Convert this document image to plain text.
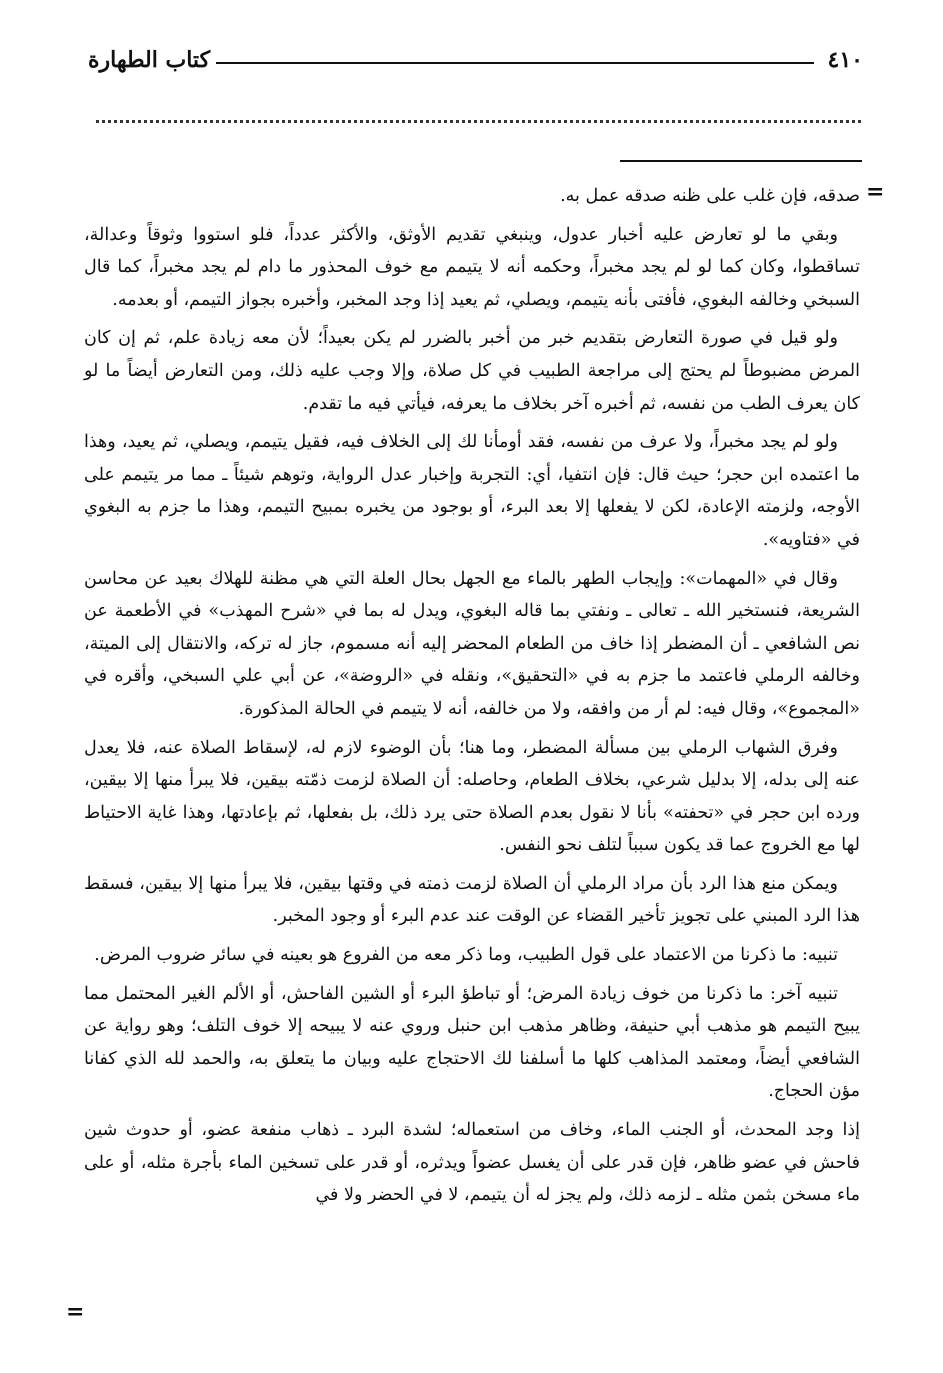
٤١٠
كتاب الطهارة
=

صدقه، فإن غلب على ظنه صدقه عمل به.

وبقي ما لو تعارض عليه أخبار عدول، وينبغي تقديم الأوثق، والأكثر عدداً، فلو استووا وثوقاً وعدالة، تساقطوا، وكان كما لو لم يجد مخبراً، وحكمه أنه لا يتيمم مع خوف المحذور ما دام لم يجد مخبراً، كما قال السبخي وخالفه البغوي، فأفتى بأنه يتيمم، ويصلي، ثم يعيد إذا وجد المخبر، وأخبره بجواز التيمم، أو بعدمه.

ولو قيل في صورة التعارض بتقديم خبر من أخبر بالضرر لم يكن بعيداً؛ لأن معه زيادة علم، ثم إن كان المرض مضبوطاً لم يحتج إلى مراجعة الطبيب في كل صلاة، وإلا وجب عليه ذلك، ومن التعارض أيضاً ما لو كان يعرف الطب من نفسه، ثم أخبره آخر بخلاف ما يعرفه، فيأتي فيه ما تقدم.

ولو لم يجد مخبراً، ولا عرف من نفسه، فقد أومأنا لك إلى الخلاف فيه، فقيل يتيمم، ويصلي، ثم يعيد، وهذا ما اعتمده ابن حجر؛ حيث قال: فإن انتفيا، أي: التجربة وإخبار عدل الرواية، وتوهم شيئاً ـ مما مر يتيمم على الأوجه، ولزمته الإعادة، لكن لا يفعلها إلا بعد البرء، أو بوجود من يخبره بمبيح التيمم، وهذا ما جزم به البغوي في «فتاويه».

وقال في «المهمات»: وإيجاب الطهر بالماء مع الجهل بحال العلة التي هي مظنة للهلاك بعيد عن محاسن الشريعة، فنستخير الله ـ تعالى ـ ونفتي بما قاله البغوي، ويدل له بما في «شرح المهذب» في الأطعمة عن نص الشافعي ـ أن المضطر إذا خاف من الطعام المحضر إليه أنه مسموم، جاز له تركه، والانتقال إلى الميتة، وخالفه الرملي فاعتمد ما جزم به في «التحقيق»، ونقله في «الروضة»، عن أبي علي السبخي، وأقره في «المجموع»، وقال فيه: لم أر من وافقه، ولا من خالفه، أنه لا يتيمم في الحالة المذكورة.

وفرق الشهاب الرملي بين مسألة المضطر، وما هنا؛ بأن الوضوء لازم له، لإسقاط الصلاة عنه، فلا يعدل عنه إلى بدله، إلا بدليل شرعي، بخلاف الطعام، وحاصله: أن الصلاة لزمت ذمّته بيقين، فلا يبرأ منها إلا بيقين، ورده ابن حجر في «تحفته» بأنا لا نقول بعدم الصلاة حتى يرد ذلك، بل بفعلها، ثم بإعادتها، وهذا غاية الاحتياط لها مع الخروج عما قد يكون سبباً لتلف نحو النفس.

ويمكن منع هذا الرد بأن مراد الرملي أن الصلاة لزمت ذمته في وقتها بيقين، فلا يبرأ منها إلا بيقين، فسقط هذا الرد المبني على تجويز تأخير القضاء عن الوقت عند عدم البرء أو وجود المخبر.

تنبيه: ما ذكرنا من الاعتماد على قول الطبيب، وما ذكر معه من الفروع هو بعينه في سائر ضروب المرض.

تنبيه آخر: ما ذكرنا من خوف زيادة المرض؛ أو تباطؤ البرء أو الشين الفاحش، أو الألم الغير المحتمل مما يبيح التيمم هو مذهب أبي حنيفة، وظاهر مذهب ابن حنبل وروي عنه لا يبيحه إلا خوف التلف؛ وهو رواية عن الشافعي أيضاً، ومعتمد المذاهب كلها ما أسلفنا لك الاحتجاج عليه وبيان ما يتعلق به، والحمد لله الذي كفانا مؤن الحجاج.

إذا وجد المحدث، أو الجنب الماء، وخاف من استعماله؛ لشدة البرد ـ ذهاب منفعة عضو، أو حدوث شين فاحش في عضو ظاهر، فإن قدر على أن يغسل عضواً ويدثره، أو قدر على تسخين الماء بأجرة مثله، أو على ماء مسخن بثمن مثله ـ لزمه ذلك، ولم يجز له أن يتيمم، لا في الحضر ولا في

=
